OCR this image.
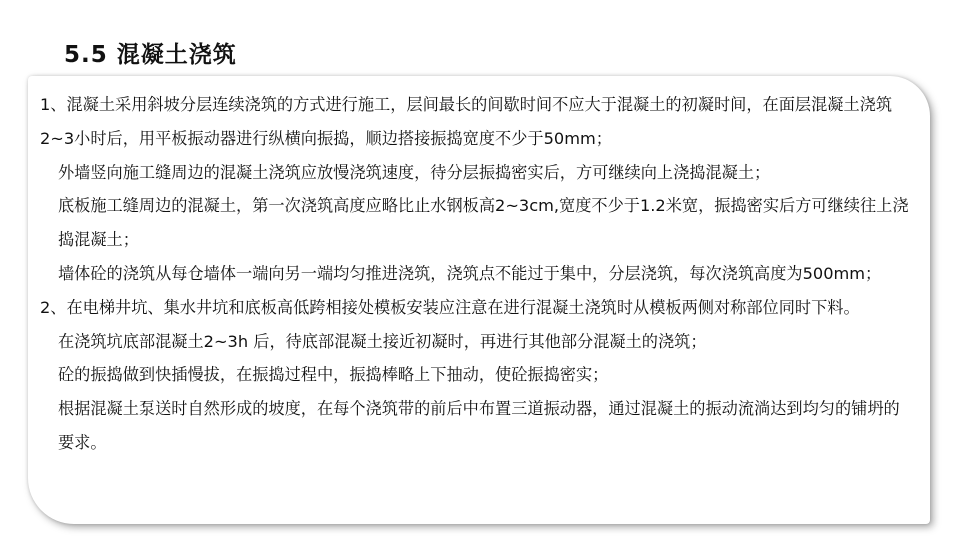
5.5 混凝土浇筑

1、混凝土采用斜坡分层连续浇筑的方式进行施工，层间最长的间歇时间不应大于混凝土的初凝时间，在面层混凝土浇筑2~3小时后，用平板振动器进行纵横向振捣，顺边搭接振捣宽度不少于50mm；

外墙竖向施工缝周边的混凝土浇筑应放慢浇筑速度，待分层振捣密实后，方可继续向上浇捣混凝土；

底板施工缝周边的混凝土，第一次浇筑高度应略比止水钢板高2~3cm,宽度不少于1.2米宽，振捣密实后方可继续往上浇捣混凝土；

墙体砼的浇筑从每仓墙体一端向另一端均匀推进浇筑，浇筑点不能过于集中，分层浇筑，每次浇筑高度为500mm；

2、在电梯井坑、集水井坑和底板高低跨相接处模板安装应注意在进行混凝土浇筑时从模板两侧对称部位同时下料。

在浇筑坑底部混凝土2~3h 后，待底部混凝土接近初凝时，再进行其他部分混凝土的浇筑；

砼的振捣做到快插慢拔，在振捣过程中，振捣棒略上下抽动，使砼振捣密实；

根据混凝土泵送时自然形成的坡度，在每个浇筑带的前后中布置三道振动器，通过混凝土的振动流淌达到均匀的铺坍的要求。
